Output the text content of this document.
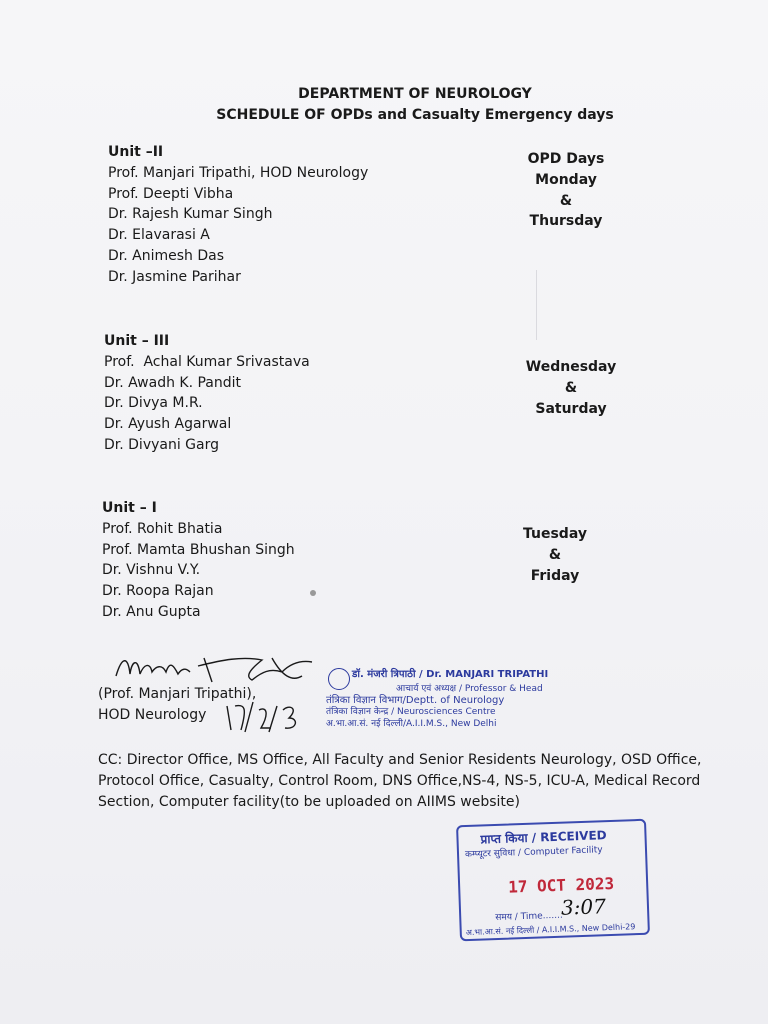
DEPARTMENT OF NEUROLOGY
SCHEDULE OF OPDs and Casualty Emergency days
Unit –II
Prof. Manjari Tripathi, HOD Neurology
Prof. Deepti Vibha
Dr. Rajesh Kumar Singh
Dr. Elavarasi A
Dr. Animesh Das
Dr. Jasmine Parihar
OPD Days
Monday
&
Thursday
Unit – III
Prof.  Achal Kumar Srivastava
Dr. Awadh K. Pandit
Dr. Divya M.R.
Dr. Ayush Agarwal
Dr. Divyani Garg
Wednesday
&
Saturday
Unit – I
Prof. Rohit Bhatia
Prof. Mamta Bhushan Singh
Dr. Vishnu V.Y.
Dr. Roopa Rajan
Dr. Anu Gupta
Tuesday
&
Friday
(Prof. Manjari Tripathi),
HOD Neurology
डॉ. मंजरी त्रिपाठी / Dr. MANJARI TRIPATHI
आचार्य एवं अध्यक्ष / Professor & Head
तंत्रिका विज्ञान विभाग/Deptt. of Neurology
तंत्रिका विज्ञान केन्द्र / Neurosciences Centre
अ.भा.आ.सं. नई दिल्ली/A.I.I.M.S., New Delhi
CC: Director Office, MS Office, All Faculty and Senior Residents Neurology, OSD Office, Protocol Office, Casualty, Control Room, DNS Office,NS-4, NS-5, ICU-A, Medical Record Section, Computer facility(to be uploaded on AIIMS website)
प्राप्त किया / RECEIVED
कम्प्यूटर सुविधा / Computer Facility
17 OCT 2023
समय / Time.......
3:07
अ.भा.आ.सं. नई दिल्ली / A.I.I.M.S., New Delhi-29
